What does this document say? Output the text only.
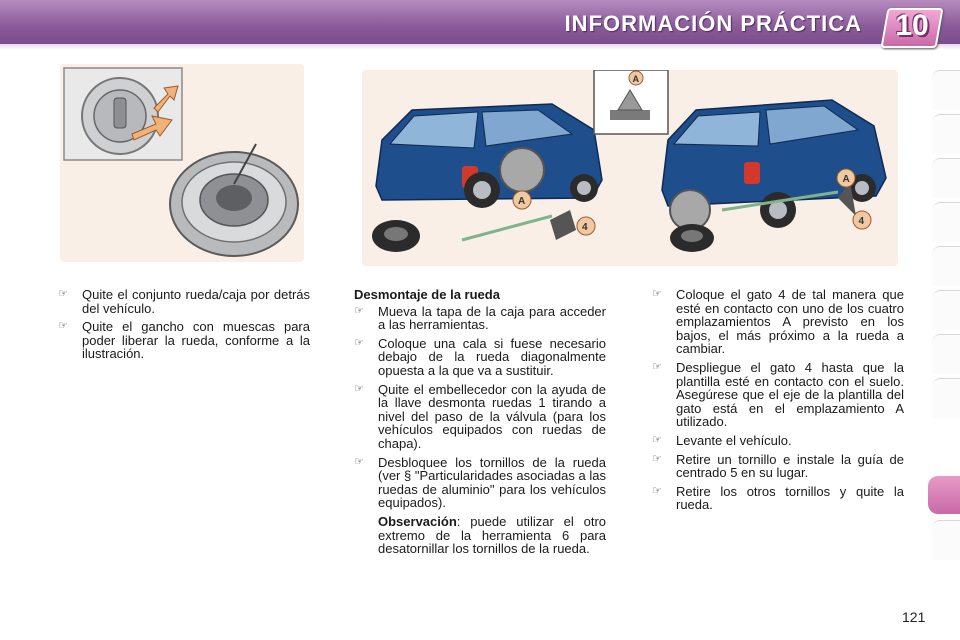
INFORMACIÓN PRÁCTICA 10
A
4
A
A
4
☞	Quite el conjunto rueda/caja por detrás del vehículo.
☞	Quite el gancho con muescas para poder liberar la rueda, conforme a la ilustración.
Desmontaje de la rueda
☞	Mueva la tapa de la caja para acceder a las herramientas.
☞	Coloque una cala si fuese necesario debajo de la rueda diagonalmente opuesta a la que va a sustituir.
☞	Quite el embellecedor con la ayuda de la llave desmonta ruedas 1 tirando a nivel del paso de la válvula (para los vehículos equipados con ruedas de chapa).
☞	Desbloquee los tornillos de la rueda (ver § "Particularidades asociadas a las ruedas de aluminio" para los vehículos equipados).
Observación: puede utilizar el otro extremo de la herramienta 6 para desatornillar los tornillos de la rueda.
☞	Coloque el gato 4 de tal manera que esté en contacto con uno de los cuatro emplazamientos A previsto en los bajos, el más próximo a la rueda a cambiar.
☞	Despliegue el gato 4 hasta que la plantilla esté en contacto con el suelo. Asegúrese que el eje de la plantilla del gato está en el emplazamiento A utilizado.
☞	Levante el vehículo.
☞	Retire un tornillo e instale la guía de centrado 5 en su lugar.
☞	Retire los otros tornillos y quite la rueda.
121
